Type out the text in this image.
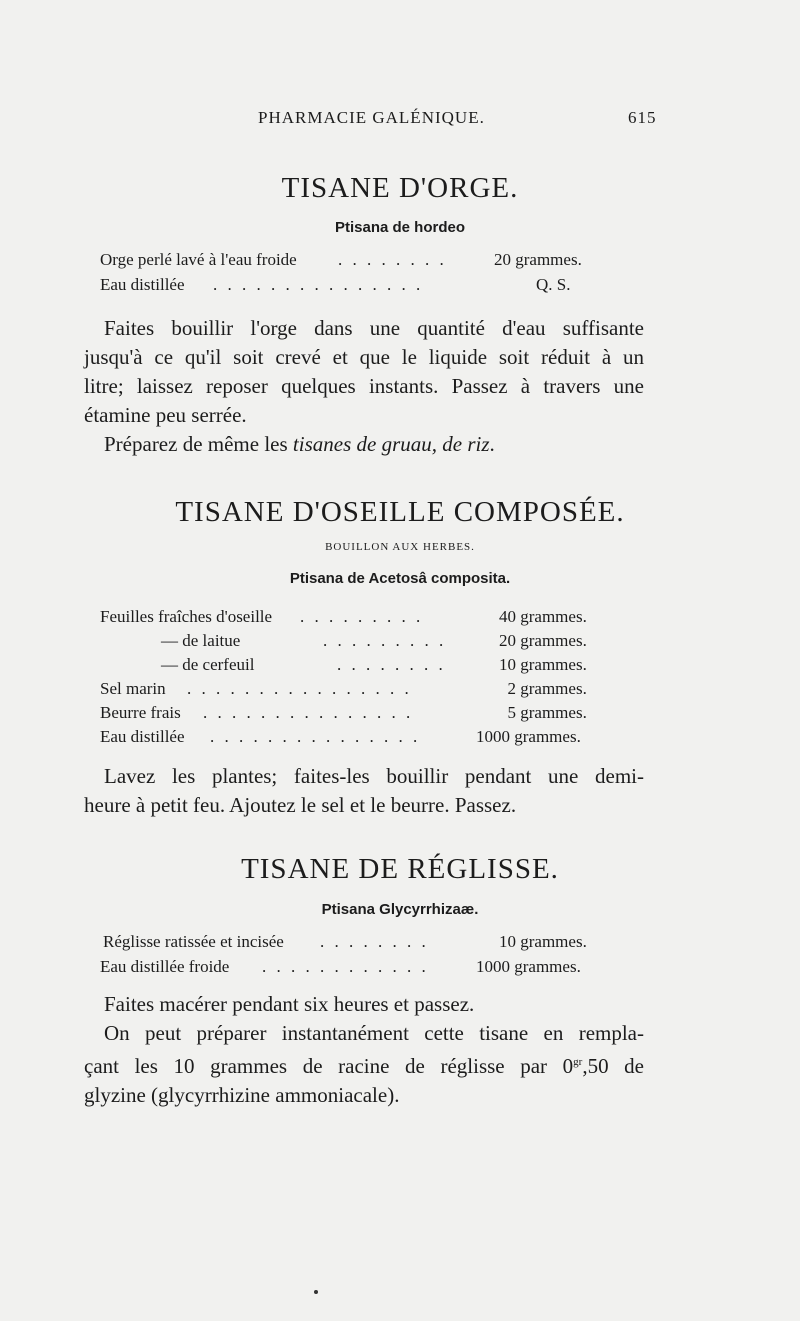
PHARMACIE GALÉNIQUE.	615
TISANE D'ORGE.
Ptisana de hordeo
Orge perlé lavé à l'eau froide . . . . . . . .	20 grammes.
Eau distillée . . . . . . . . . . . . . . .	Q. S.
Faites bouillir l'orge dans une quantité d'eau suffisante
jusqu'à ce qu'il soit crevé et que le liquide soit réduit à un
litre; laissez reposer quelques instants. Passez à travers une
étamine peu serrée.
Préparez de même les tisanes de gruau, de riz.
TISANE D'OSEILLE COMPOSÉE.
BOUILLON AUX HERBES.
Ptisana de Acetosâ composita.
Feuilles fraîches d'oseille . . . . . . . . .	40 grammes.
— de laitue	. . . . . . . . .	20 grammes.
— de cerfeuil	. . . . . . . .	10 grammes.
Sel marin . . . . . . . . . . . . . . . .	2 grammes.
Beurre frais . . . . . . . . . . . . . . .	5 grammes.
Eau distillée . . . . . . . . . . . . . . .	1000 grammes.
Lavez les plantes; faites-les bouillir pendant une demi-
heure à petit feu. Ajoutez le sel et le beurre. Passez.
TISANE DE RÉGLISSE.
Ptisana Glycyrrhizaæ.
Réglisse ratissée et incisée . . . . . . . .	10 grammes.
Eau distillée froide . . . . . . . . . . . .	1000 grammes.
Faites macérer pendant six heures et passez.
On peut préparer instantanément cette tisane en rempla-
çant les 10 grammes de racine de réglisse par $0^{gr},50$ de
glyzine (glycyrrhizine ammoniacale).
